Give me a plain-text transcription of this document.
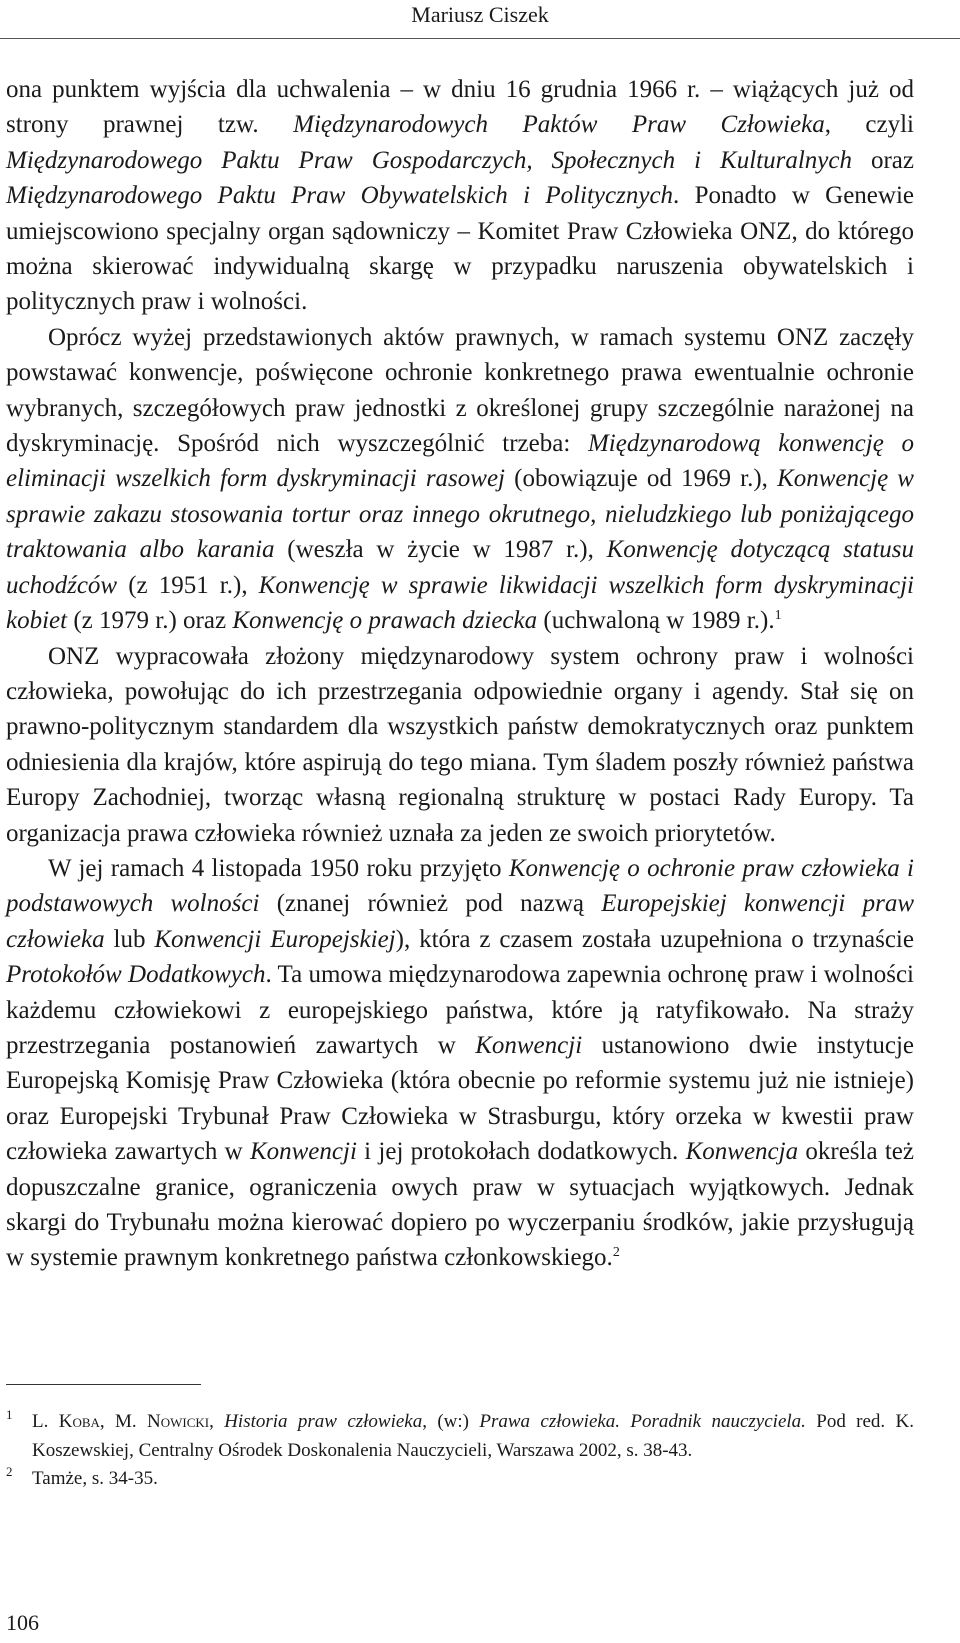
Mariusz Ciszek

ona punktem wyjścia dla uchwalenia – w dniu 16 grudnia 1966 r. – wiążących już od strony prawnej tzw. Międzynarodowych Paktów Praw Człowieka, czyli Międzynarodowego Paktu Praw Gospodarczych, Społecznych i Kulturalnych oraz Międzynarodowego Paktu Praw Obywatelskich i Politycznych. Ponadto w Genewie umiejscowiono specjalny organ sądowniczy – Komitet Praw Człowieka ONZ, do którego można skierować indywidualną skargę w przypadku naruszenia obywatelskich i politycznych praw i wolności.

Oprócz wyżej przedstawionych aktów prawnych, w ramach systemu ONZ zaczęły powstawać konwencje, poświęcone ochronie konkretnego prawa ewentualnie ochronie wybranych, szczegółowych praw jednostki z określonej grupy szczególnie narażonej na dyskryminację. Spośród nich wyszczególnić trzeba: Międzynarodową konwencję o eliminacji wszelkich form dyskryminacji rasowej (obowiązuje od 1969 r.), Konwencję w sprawie zakazu stosowania tortur oraz innego okrutnego, nieludzkiego lub poniżającego traktowania albo karania (weszła w życie w 1987 r.), Konwencję dotyczącą statusu uchodźców (z 1951 r.), Konwencję w sprawie likwidacji wszelkich form dyskryminacji kobiet (z 1979 r.) oraz Konwencję o prawach dziecka (uchwaloną w 1989 r.).$^1$

ONZ wypracowała złożony międzynarodowy system ochrony praw i wolności człowieka, powołując do ich przestrzegania odpowiednie organy i agendy. Stał się on prawno-politycznym standardem dla wszystkich państw demokratycznych oraz punktem odniesienia dla krajów, które aspirują do tego miana. Tym śladem poszły również państwa Europy Zachodniej, tworząc własną regionalną strukturę w postaci Rady Europy. Ta organizacja prawa człowieka również uznała za jeden ze swoich priorytetów.

W jej ramach 4 listopada 1950 roku przyjęto Konwencję o ochronie praw człowieka i podstawowych wolności (znanej również pod nazwą Europejskiej konwencji praw człowieka lub Konwencji Europejskiej), która z czasem została uzupełniona o trzynaście Protokołów Dodatkowych. Ta umowa międzynarodowa zapewnia ochronę praw i wolności każdemu człowiekowi z europejskiego państwa, które ją ratyfikowało. Na straży przestrzegania postanowień zawartych w Konwencji ustanowiono dwie instytucje Europejską Komisję Praw Człowieka (która obecnie po reformie systemu już nie istnieje) oraz Europejski Trybunał Praw Człowieka w Strasburgu, który orzeka w kwestii praw człowieka zawartych w Konwencji i jej protokołach dodatkowych. Konwencja określa też dopuszczalne granice, ograniczenia owych praw w sytuacjach wyjątkowych. Jednak skargi do Trybunału można kierować dopiero po wyczerpaniu środków, jakie przysługują w systemie prawnym konkretnego państwa członkowskiego.$^2$

1 L. Koba, M. Nowicki, Historia praw człowieka, (w:) Prawa człowieka. Poradnik nauczyciela. Pod red. K. Koszewskiej, Centralny Ośrodek Doskonalenia Nauczycieli, Warszawa 2002, s. 38-43.

2 Tamże, s. 34-35.

106
